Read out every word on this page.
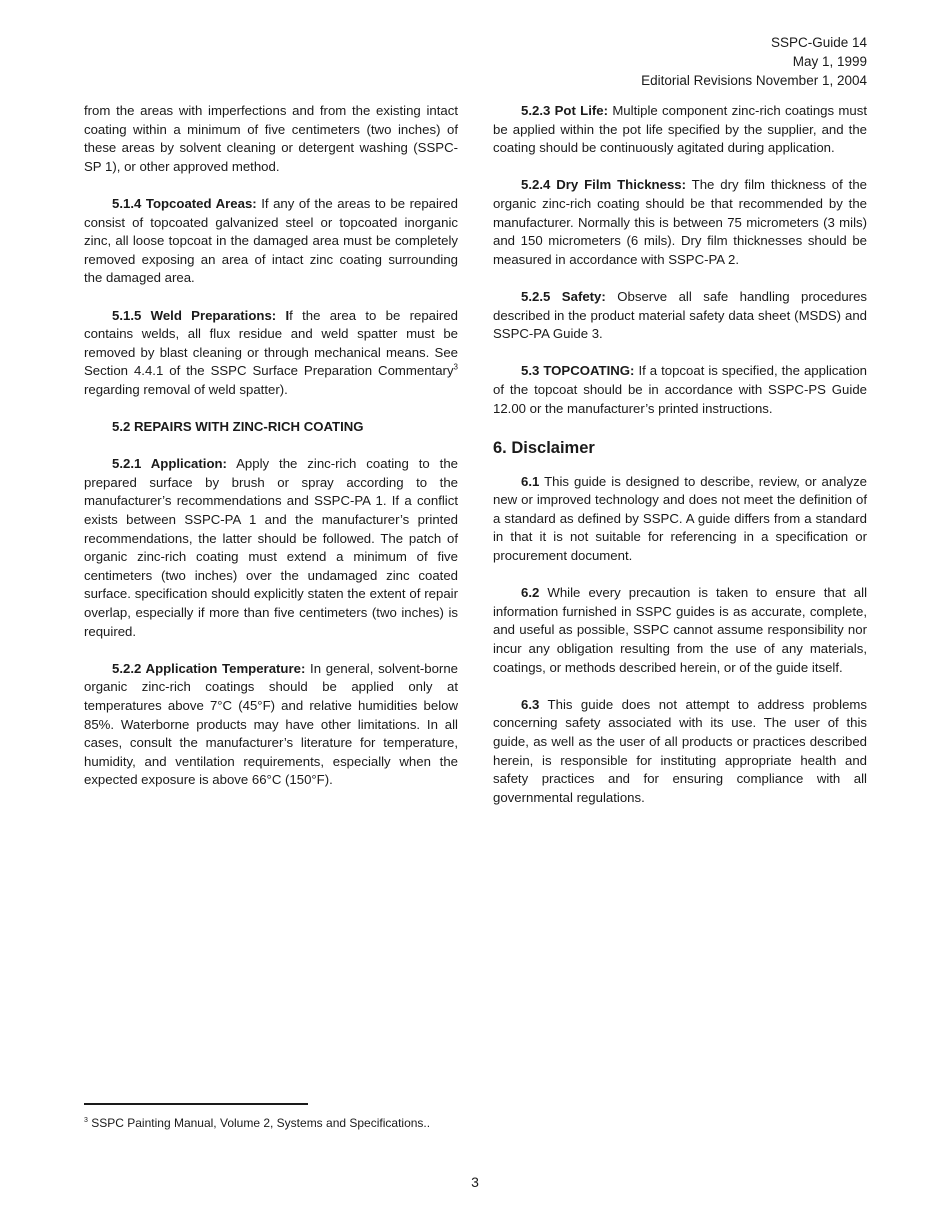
SSPC-Guide 14
May 1, 1999
Editorial Revisions November 1, 2004

from the areas with imperfections and from the existing intact coating within a minimum of five centimeters (two inches) of these areas by solvent cleaning or detergent washing (SSPC-SP 1), or other approved method.

5.1.4 Topcoated Areas: If any of the areas to be repaired consist of topcoated galvanized steel or topcoated inorganic zinc, all loose topcoat in the damaged area must be completely removed exposing an area of intact zinc coating surrounding the damaged area.

5.1.5 Weld Preparations: If the area to be repaired contains welds, all flux residue and weld spatter must be removed by blast cleaning or through mechanical means. See Section 4.4.1 of the SSPC Surface Preparation Commentary$^3$ regarding removal of weld spatter).

5.2 REPAIRS WITH ZINC-RICH COATING

5.2.1 Application: Apply the zinc-rich coating to the prepared surface by brush or spray according to the manufacturer’s recommendations and SSPC-PA 1. If a conflict exists between SSPC-PA 1 and the manufacturer’s printed recommendations, the latter should be followed. The patch of organic zinc-rich coating must extend a minimum of five centimeters (two inches) over the undamaged zinc coated surface. specification should explicitly staten the extent of repair overlap, especially if more than five centimeters (two inches) is required.

5.2.2 Application Temperature: In general, solvent-borne organic zinc-rich coatings should be applied only at temperatures above 7°C (45°F) and relative humidities below 85%. Waterborne products may have other limitations. In all cases, consult the manufacturer’s literature for temperature, humidity, and ventilation requirements, especially when the expected exposure is above 66°C (150°F).

5.2.3 Pot Life: Multiple component zinc-rich coatings must be applied within the pot life specified by the supplier, and the coating should be continuously agitated during application.

5.2.4 Dry Film Thickness: The dry film thickness of the organic zinc-rich coating should be that recommended by the manufacturer. Normally this is between 75 micrometers (3 mils) and 150 micrometers (6 mils). Dry film thicknesses should be measured in accordance with SSPC-PA 2.

5.2.5 Safety: Observe all safe handling procedures described in the product material safety data sheet (MSDS) and SSPC-PA Guide 3.

5.3 TOPCOATING: If a topcoat is specified, the application of the topcoat should be in accordance with SSPC-PS Guide 12.00 or the manufacturer’s printed instructions.

6. Disclaimer

6.1 This guide is designed to describe, review, or analyze new or improved technology and does not meet the definition of a standard as defined by SSPC. A guide differs from a standard in that it is not suitable for referencing in a specification or procurement document.

6.2 While every precaution is taken to ensure that all information furnished in SSPC guides is as accurate, complete, and useful as possible, SSPC cannot assume responsibility nor incur any obligation resulting from the use of any materials, coatings, or methods described herein, or of the guide itself.

6.3 This guide does not attempt to address problems concerning safety associated with its use. The user of this guide, as well as the user of all products or practices described herein, is responsible for instituting appropriate health and safety practices and for ensuring compliance with all governmental regulations.

$^3$ SSPC Painting Manual, Volume 2, Systems and Specifications..
3
